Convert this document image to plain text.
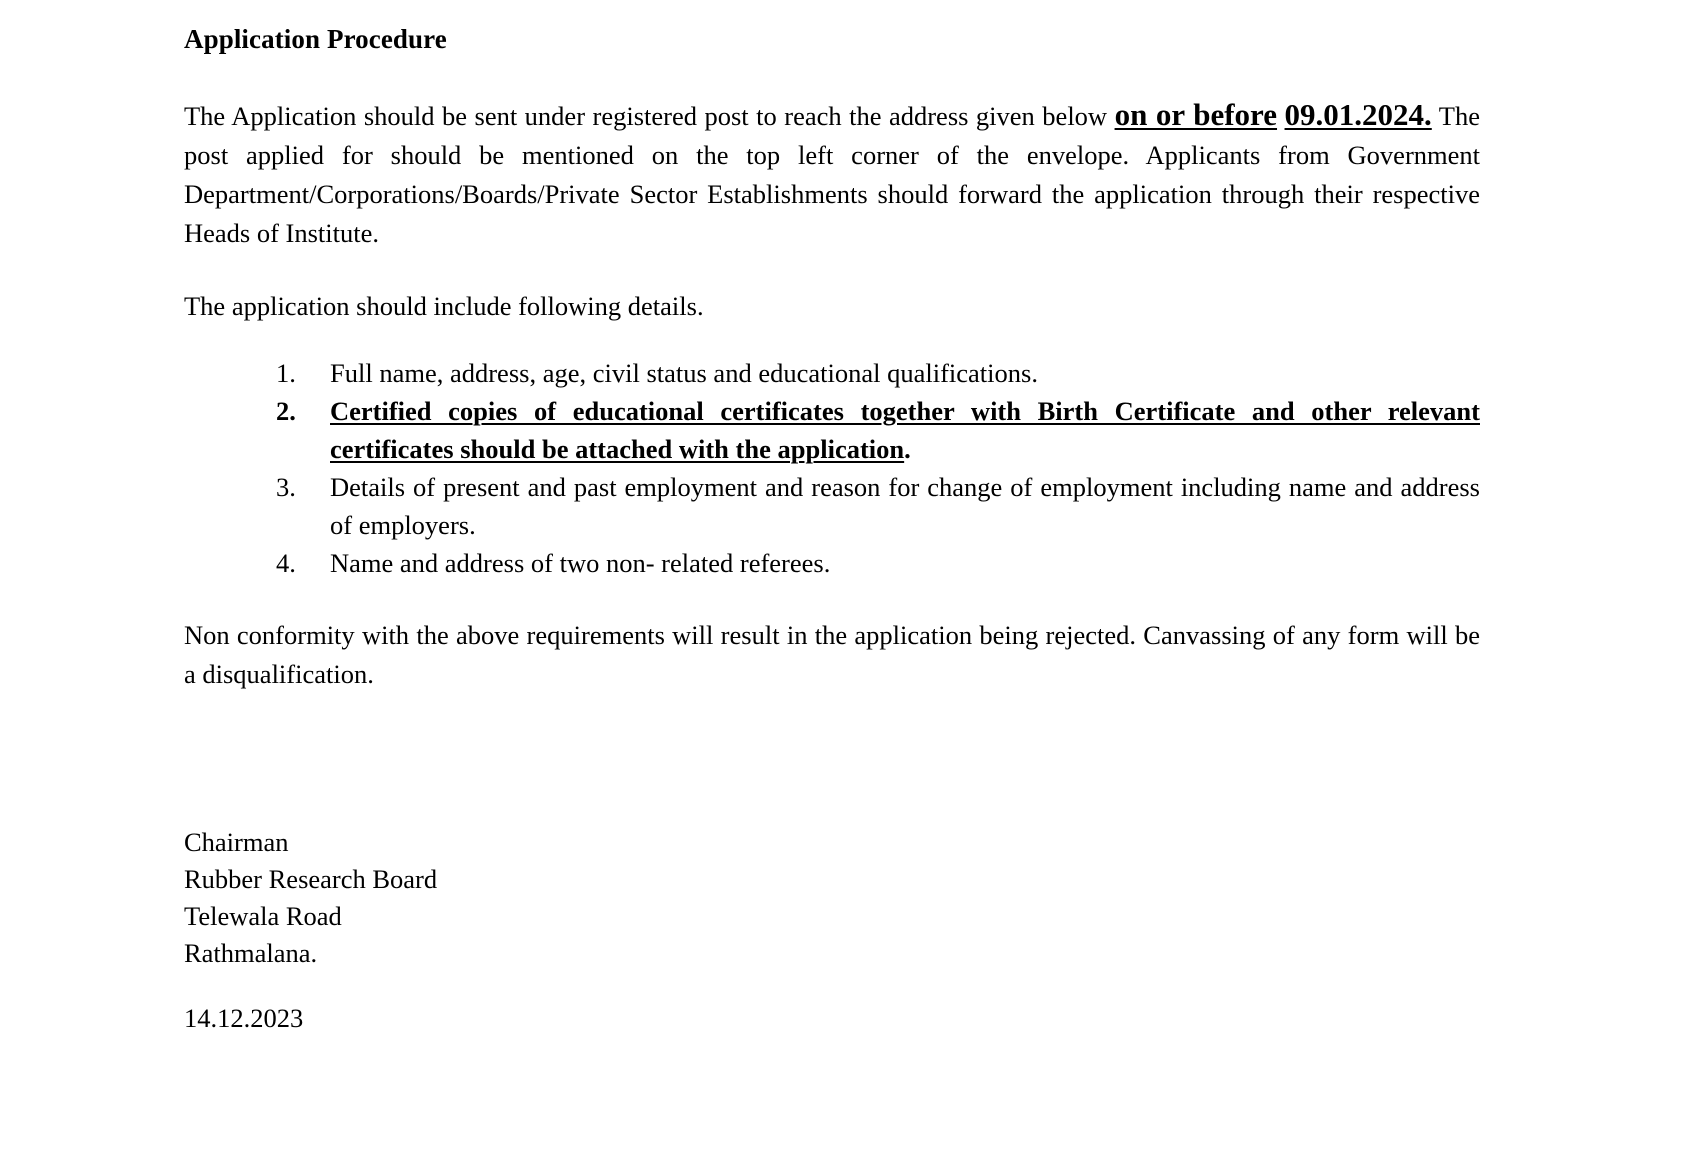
Application Procedure

The Application should be sent under registered post to reach the address given below on or before 09.01.2024. The post applied for should be mentioned on the top left corner of the envelope. Applicants from Government Department/Corporations/Boards/Private Sector Establishments should forward the application through their respective Heads of Institute.

The application should include following details.

Full name, address, age, civil status and educational qualifications.
Certified copies of educational certificates together with Birth Certificate and other relevant certificates should be attached with the application.
Details of present and past employment and reason for change of employment including name and address of employers.
Name and address of two non- related referees.

Non conformity with the above requirements will result in the application being rejected. Canvassing of any form will be a disqualification.

Chairman

Rubber Research Board

Telewala Road

Rathmalana.

14.12.2023
